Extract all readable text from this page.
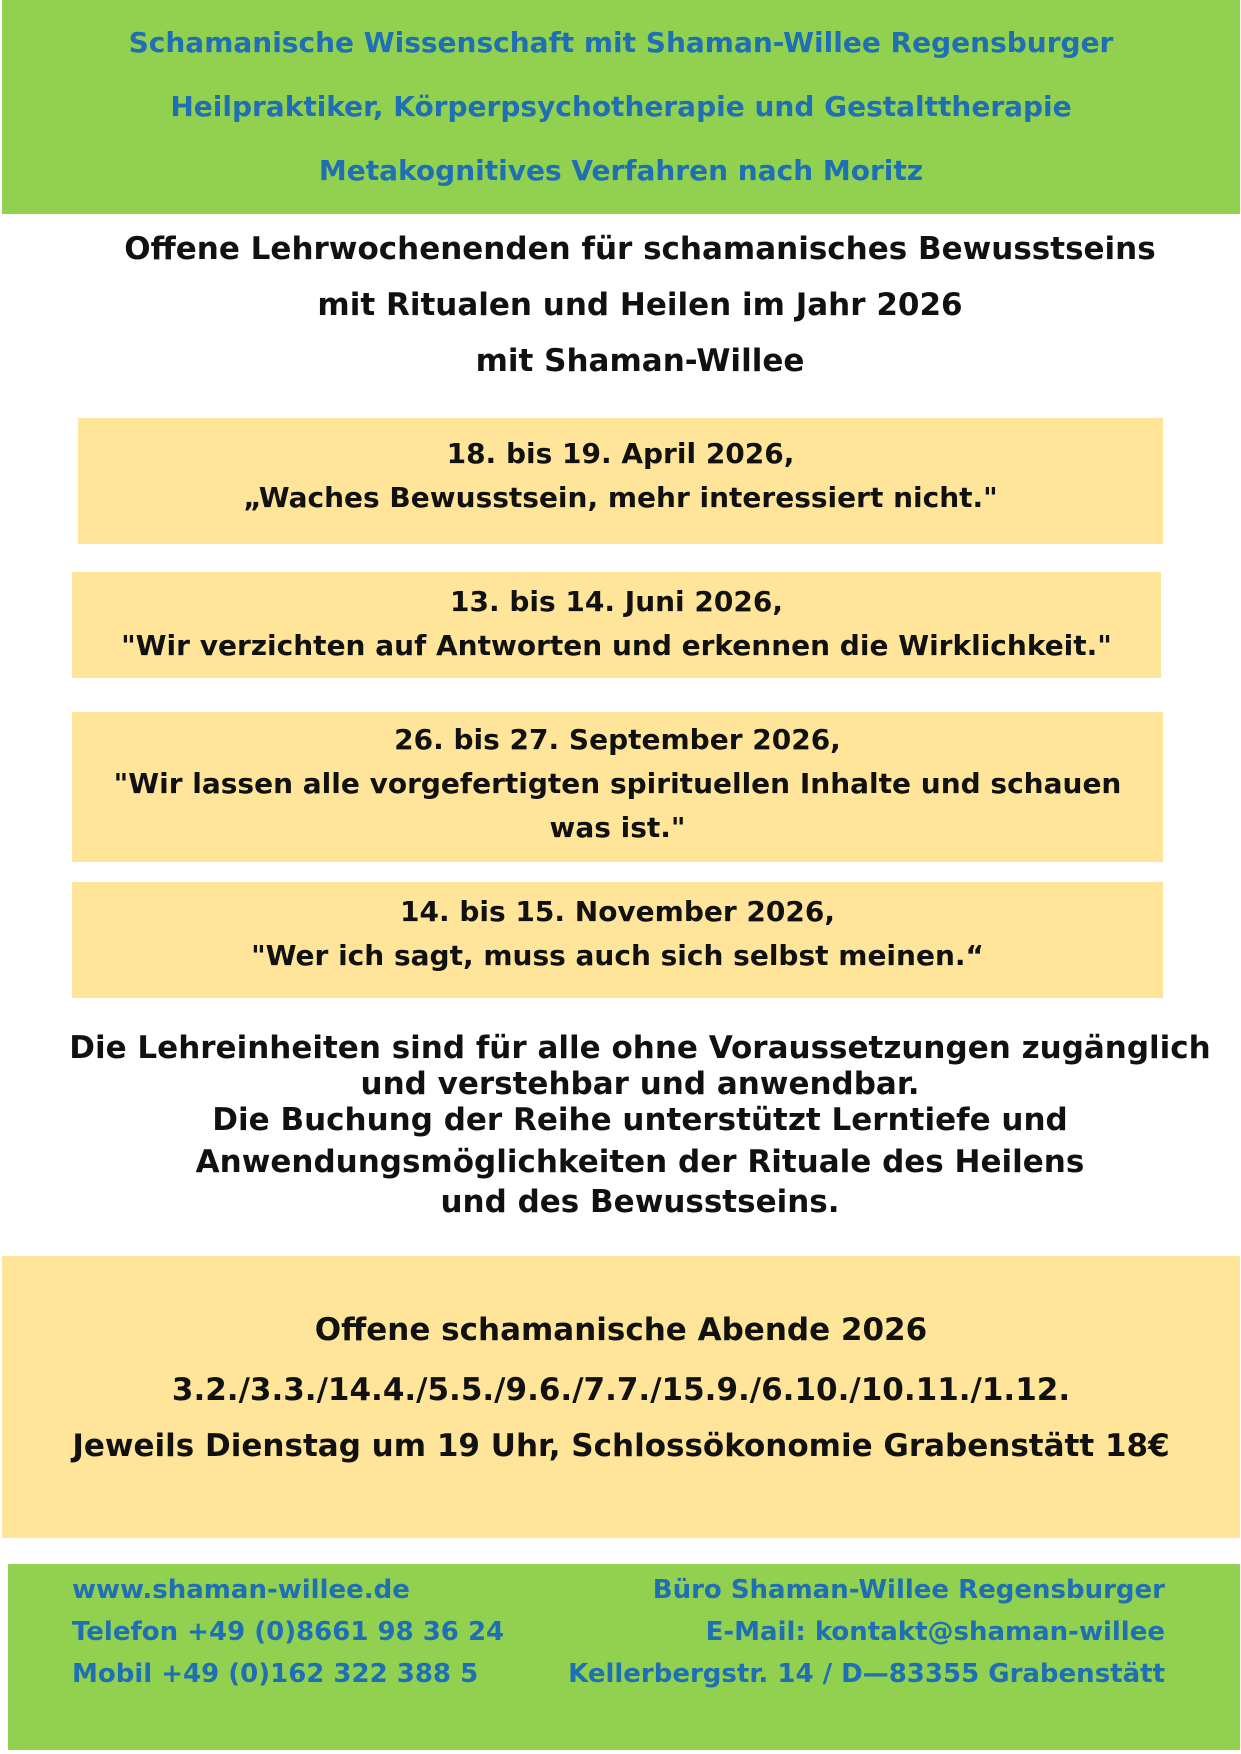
Schamanische Wissenschaft mit Shaman-Willee Regensburger
Heilpraktiker, Körperpsychotherapie und Gestalttherapie
Metakognitives Verfahren nach Moritz
Offene Lehrwochenenden für schamanisches Bewusstseins
mit Ritualen und Heilen im Jahr 2026
mit Shaman-Willee
18. bis 19. April 2026,
„Waches Bewusstsein, mehr interessiert nicht."
13. bis 14. Juni 2026,
"Wir verzichten auf Antworten und erkennen die Wirklichkeit."
26. bis 27. September 2026,
"Wir lassen alle vorgefertigten spirituellen Inhalte und schauen was ist."
14. bis 15. November 2026,
"Wer ich sagt, muss auch sich selbst meinen.“
Die Lehreinheiten sind für alle ohne Voraussetzungen zugänglich
und verstehbar und anwendbar.
Die Buchung der Reihe unterstützt Lerntiefe und
Anwendungsmöglichkeiten der Rituale des Heilens
und des Bewusstseins.
Offene schamanische Abende 2026
3.2./3.3./14.4./5.5./9.6./7.7./15.9./6.10./10.11./1.12.
Jeweils Dienstag um 19 Uhr, Schlossökonomie Grabenstätt 18€
www.shaman-willee.de
Telefon +49 (0)8661 98 36 24
Mobil +49 (0)162 322 388 5
Büro Shaman-Willee Regensburger
E-Mail: kontakt@shaman-willee
Kellerbergstr. 14 / D—83355 Grabenstätt
